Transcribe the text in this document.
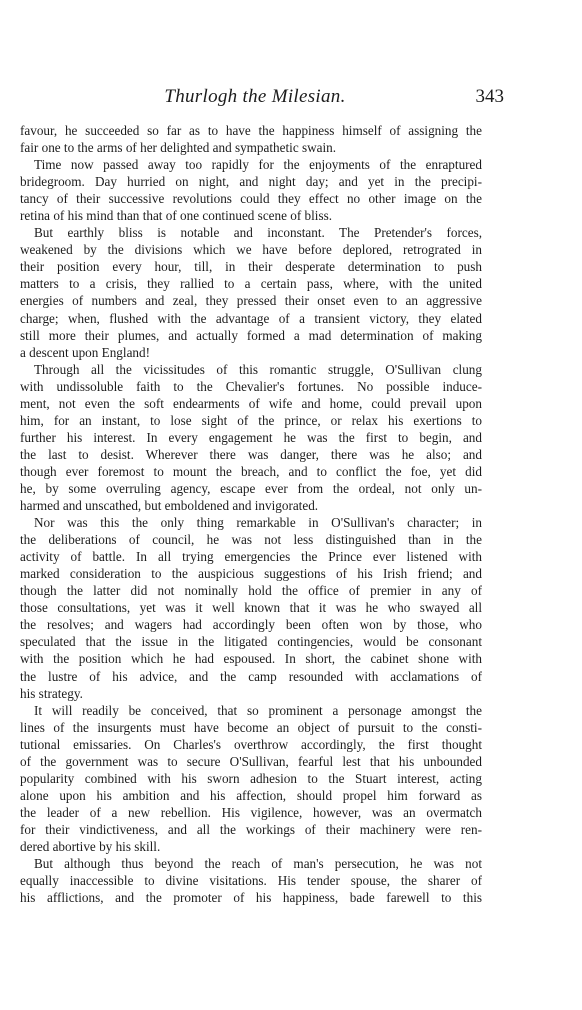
Thurlogh the Milesian.	343
favour, he succeeded so far as to have the happiness himself of assigning the
fair one to the arms of her delighted and sympathetic swain.
Time now passed away too rapidly for the enjoyments of the enraptured
bridegroom. Day hurried on night, and night day; and yet in the precipi-
tancy of their successive revolutions could they effect no other image on the
retina of his mind than that of one continued scene of bliss.
But earthly bliss is notable and inconstant. The Pretender's forces,
weakened by the divisions which we have before deplored, retrograted in
their position every hour, till, in their desperate determination to push
matters to a crisis, they rallied to a certain pass, where, with the united
energies of numbers and zeal, they pressed their onset even to an aggressive
charge; when, flushed with the advantage of a transient victory, they elated
still more their plumes, and actually formed a mad determination of making
a descent upon England!
Through all the vicissitudes of this romantic struggle, O'Sullivan clung
with undissoluble faith to the Chevalier's fortunes. No possible induce-
ment, not even the soft endearments of wife and home, could prevail upon
him, for an instant, to lose sight of the prince, or relax his exertions to
further his interest. In every engagement he was the first to begin, and
the last to desist. Wherever there was danger, there was he also; and
though ever foremost to mount the breach, and to conflict the foe, yet did
he, by some overruling agency, escape ever from the ordeal, not only un-
harmed and unscathed, but emboldened and invigorated.
Nor was this the only thing remarkable in O'Sullivan's character; in
the deliberations of council, he was not less distinguished than in the
activity of battle. In all trying emergencies the Prince ever listened with
marked consideration to the auspicious suggestions of his Irish friend; and
though the latter did not nominally hold the office of premier in any of
those consultations, yet was it well known that it was he who swayed all
the resolves; and wagers had accordingly been often won by those, who
speculated that the issue in the litigated contingencies, would be consonant
with the position which he had espoused. In short, the cabinet shone with
the lustre of his advice, and the camp resounded with acclamations of
his strategy.
It will readily be conceived, that so prominent a personage amongst the
lines of the insurgents must have become an object of pursuit to the consti-
tutional emissaries. On Charles's overthrow accordingly, the first thought
of the government was to secure O'Sullivan, fearful lest that his unbounded
popularity combined with his sworn adhesion to the Stuart interest, acting
alone upon his ambition and his affection, should propel him forward as
the leader of a new rebellion. His vigilence, however, was an overmatch
for their vindictiveness, and all the workings of their machinery were ren-
dered abortive by his skill.
But although thus beyond the reach of man's persecution, he was not
equally inaccessible to divine visitations. His tender spouse, the sharer of
his afflictions, and the promoter of his happiness, bade farewell to this
